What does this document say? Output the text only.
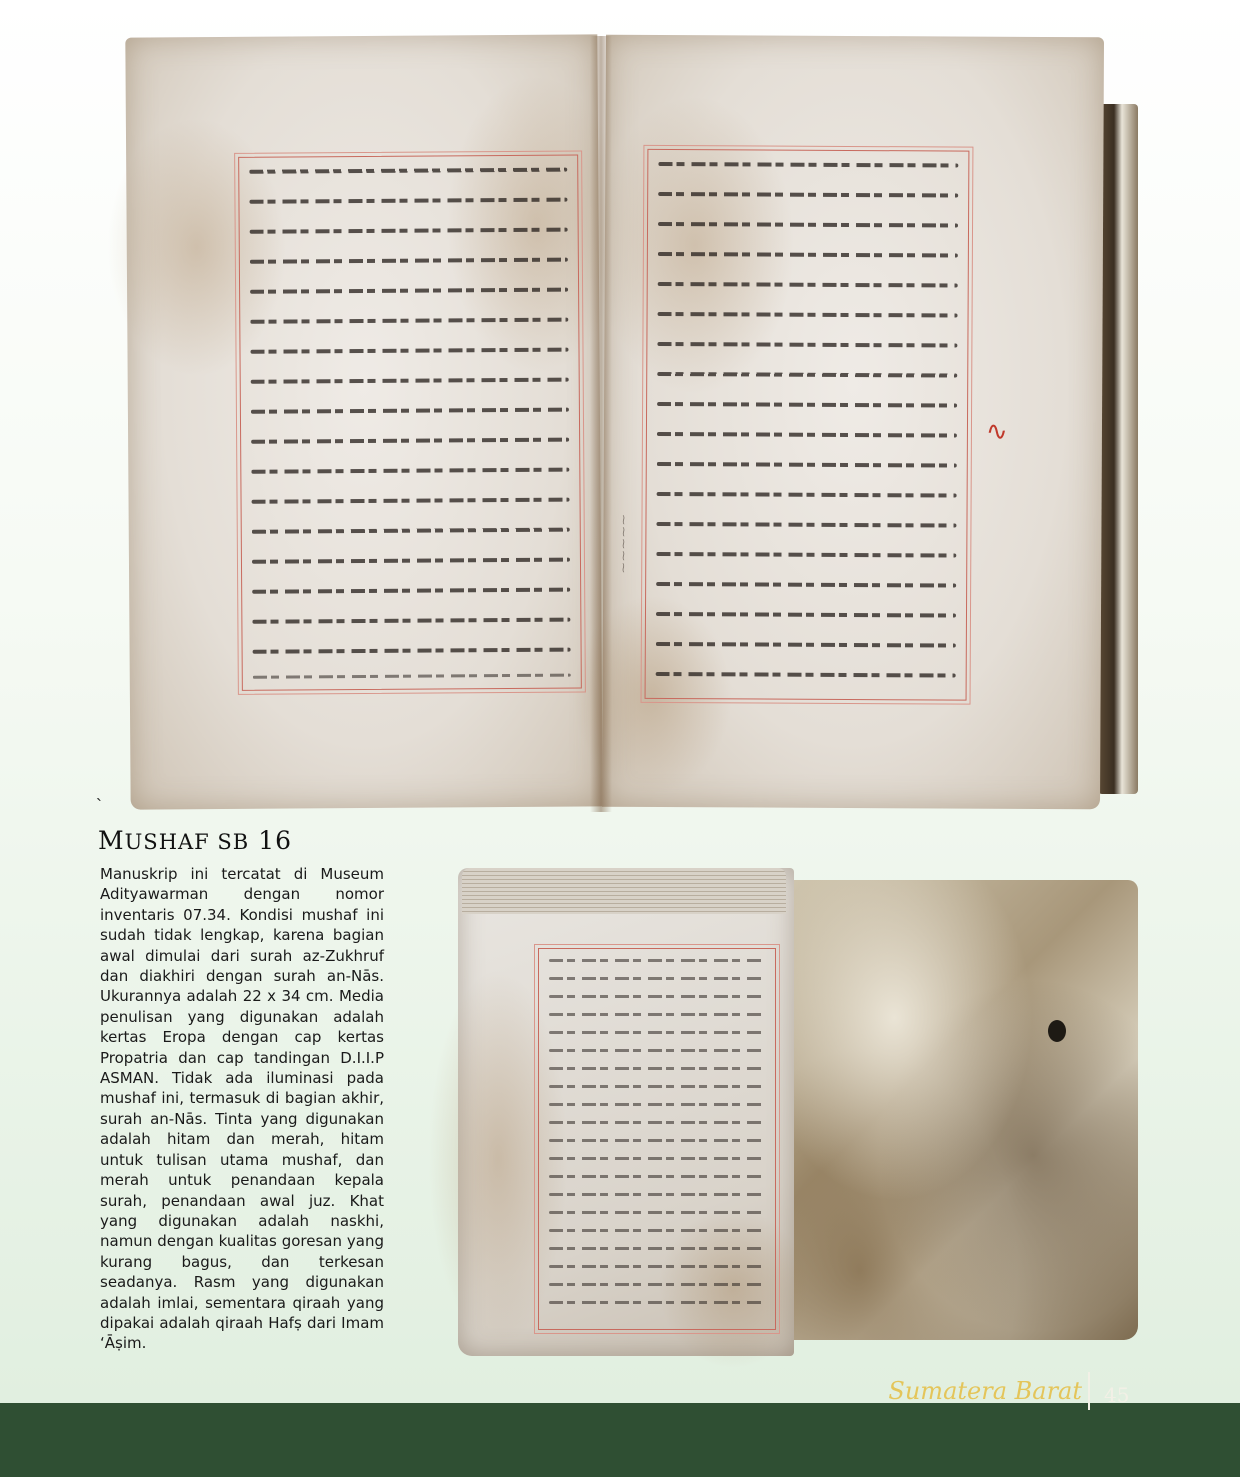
⁓⁓⁓⁓⁓
∿
`
MUSHAF SB 16

Manuskrip ini tercatat di Museum Adityawarman dengan nomor inventaris 07.34. Kondisi mushaf ini sudah tidak lengkap, karena bagian awal dimulai dari surah az-Zukhruf dan diakhiri dengan surah an-Nās. Ukurannya adalah 22 x 34 cm. Media penulisan yang digunakan adalah kertas Eropa dengan cap kertas Propatria dan cap tandingan D.I.I.P ASMAN. Tidak ada iluminasi pada mushaf ini, termasuk di bagian akhir, surah an-Nās. Tinta yang digunakan adalah hitam dan merah, hitam untuk tulisan utama mushaf, dan merah untuk penandaan kepala surah, penandaan awal juz. Khat yang digunakan adalah naskhi, namun dengan kualitas goresan yang kurang bagus, dan terkesan seadanya. Rasm yang digunakan adalah imlai, sementara qiraah yang dipakai adalah qiraah Hafṣ dari Imam ‘Āṣim.

Sumatera Barat 45
